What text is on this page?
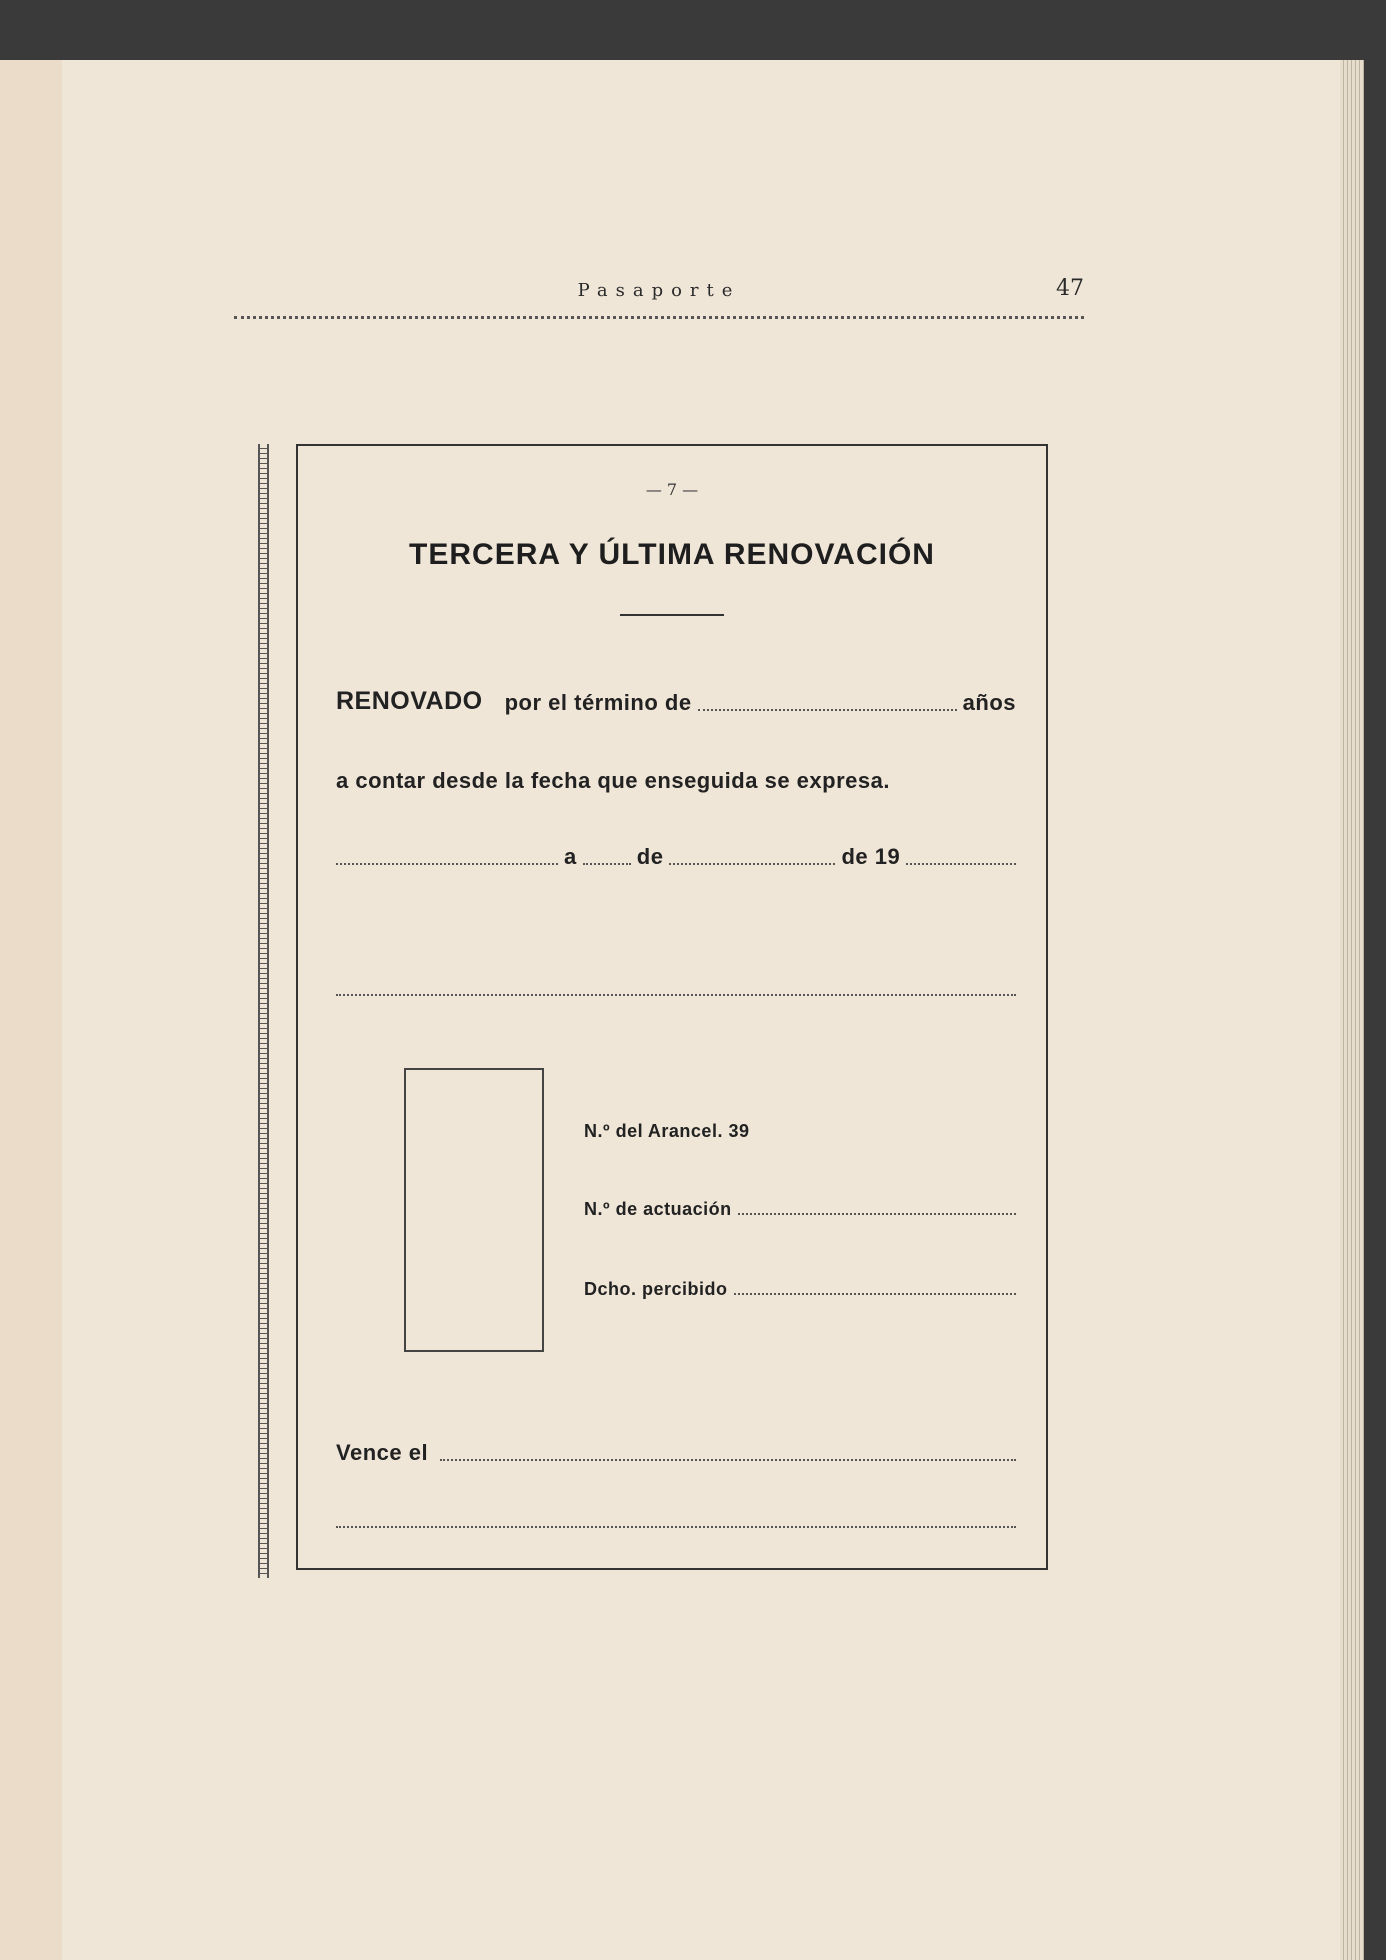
Pasaporte	47
— 7 —
TERCERA Y ÚLTIMA RENOVACIÓN
RENOVADO por el término de	años
a contar desde la fecha que enseguida se expresa.
a	de	de 19
N.º del Arancel. 39
N.º de actuación
Dcho. percibido
Vence el
